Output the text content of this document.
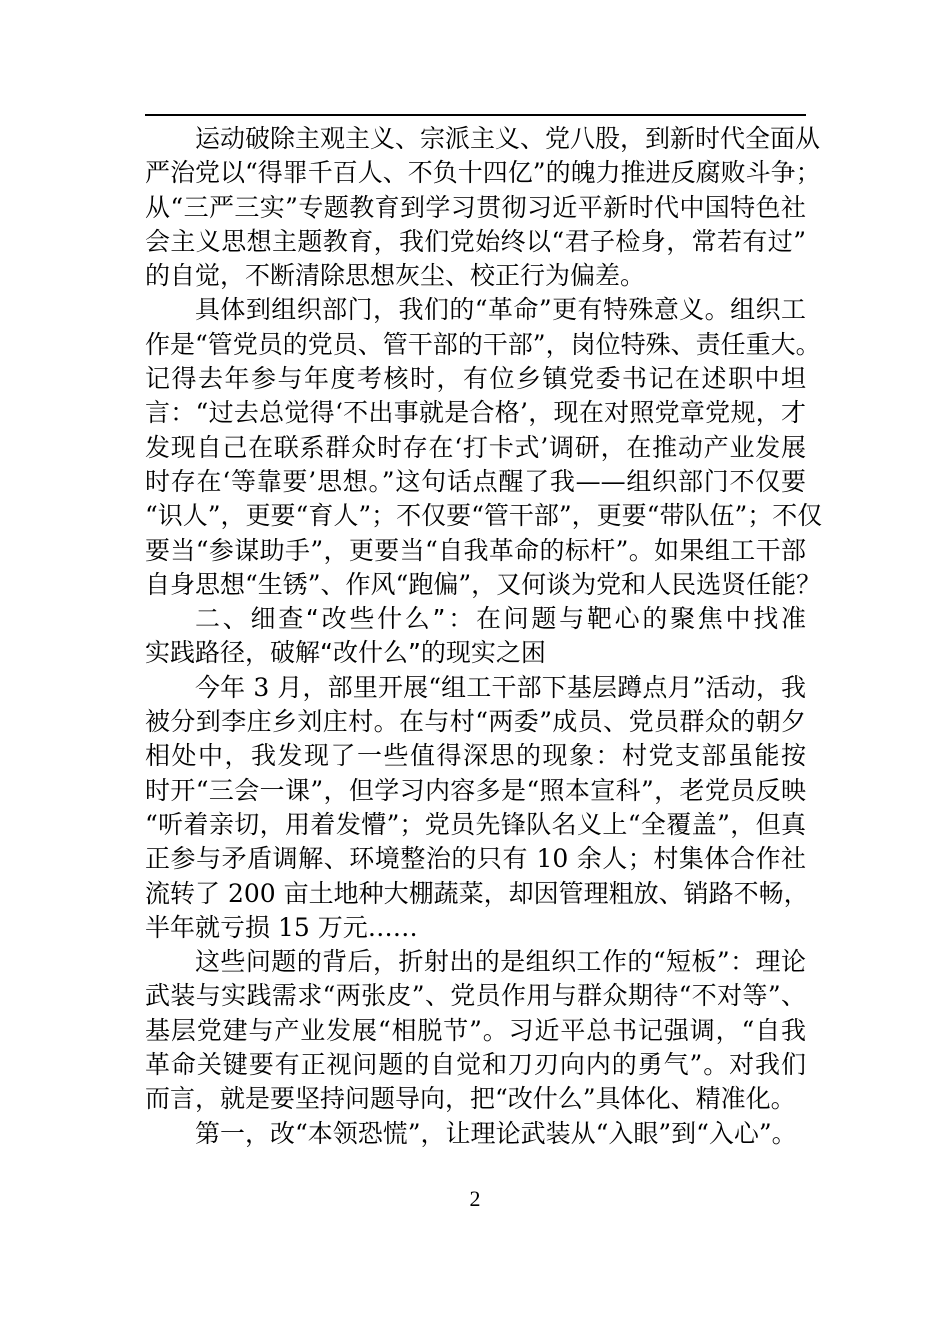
运动破除主观主义、宗派主义、党八股，到新时代全面从
严治党以“得罪千百人、不负十四亿”的魄力推进反腐败斗争；
从“三严三实”专题教育到学习贯彻习近平新时代中国特色社
会主义思想主题教育，我们党始终以“君子检身，常若有过”
的自觉，不断清除思想灰尘、校正行为偏差。
具体到组织部门，我们的“革命”更有特殊意义。组织工
作是“管党员的党员、管干部的干部”，岗位特殊、责任重大。
记得去年参与年度考核时，有位乡镇党委书记在述职中坦
言：“过去总觉得‘不出事就是合格’，现在对照党章党规，才
发现自己在联系群众时存在‘打卡式’调研，在推动产业发展
时存在‘等靠要’思想。”这句话点醒了我——组织部门不仅要
“识人”，更要“育人”；不仅要“管干部”，更要“带队伍”；不仅
要当“参谋助手”，更要当“自我革命的标杆”。如果组工干部
自身思想“生锈”、作风“跑偏”，又何谈为党和人民选贤任能？
二、细查“改些什么”：在问题与靶心的聚焦中找准
实践路径，破解“改什么”的现实之困
今年 3 月，部里开展“组工干部下基层蹲点月”活动，我
被分到李庄乡刘庄村。在与村“两委”成员、党员群众的朝夕
相处中，我发现了一些值得深思的现象：村党支部虽能按
时开“三会一课”，但学习内容多是“照本宣科”，老党员反映
“听着亲切，用着发懵”；党员先锋队名义上“全覆盖”，但真
正参与矛盾调解、环境整治的只有 10 余人；村集体合作社
流转了 200 亩土地种大棚蔬菜，却因管理粗放、销路不畅，
半年就亏损 15 万元……
这些问题的背后，折射出的是组织工作的“短板”：理论
武装与实践需求“两张皮”、党员作用与群众期待“不对等”、
基层党建与产业发展“相脱节”。习近平总书记强调，“自我
革命关键要有正视问题的自觉和刀刃向内的勇气”。对我们
而言，就是要坚持问题导向，把“改什么”具体化、精准化。
第一，改“本领恐慌”，让理论武装从“入眼”到“入心”。
2
